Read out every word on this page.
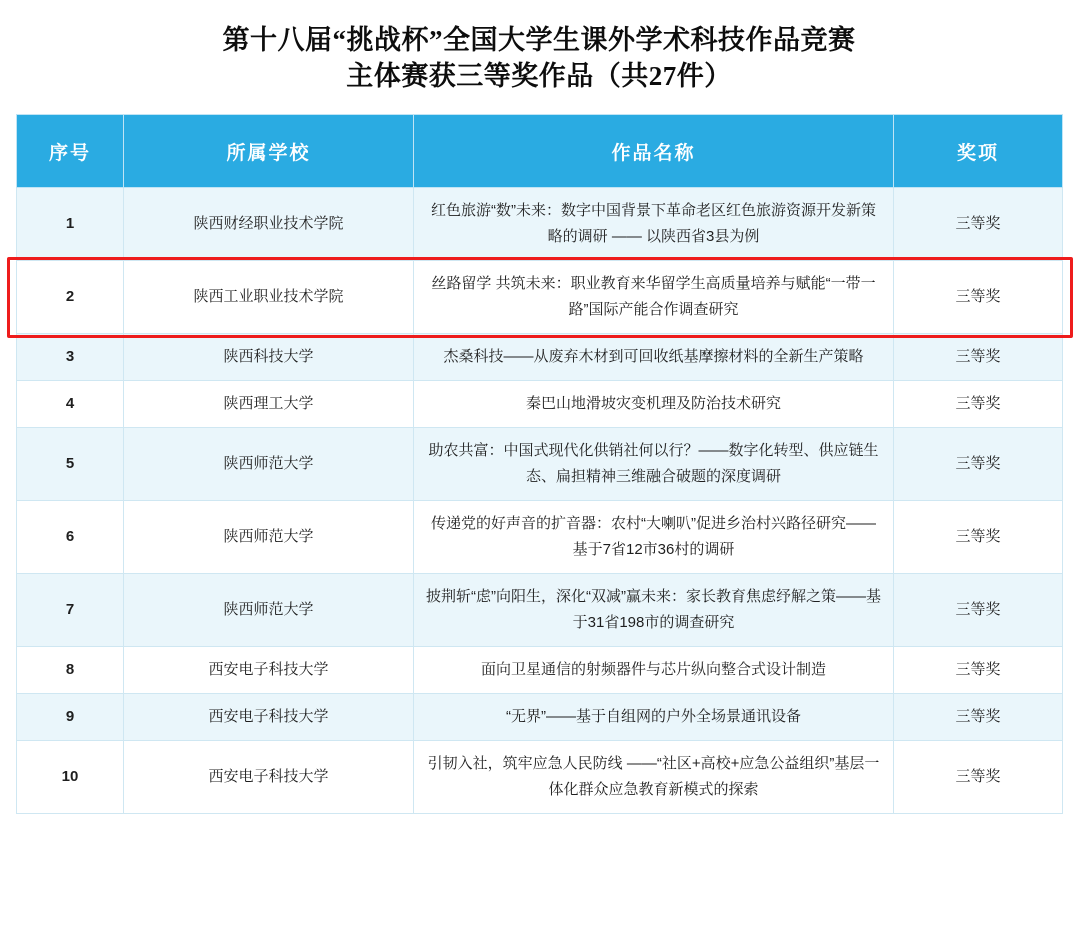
第十八届“挑战杯”全国大学生课外学术科技作品竞赛
主体赛获三等奖作品（共27件）
序号	所属学校	作品名称	奖项
1	陕西财经职业技术学院	红色旅游“数”未来：数字中国背景下革命老区红色旅游资源开发新策略的调研 —— 以陕西省3县为例	三等奖
2	陕西工业职业技术学院	丝路留学 共筑未来：职业教育来华留学生高质量培养与赋能“一带一路”国际产能合作调查研究	三等奖
3	陕西科技大学	杰桑科技——从废弃木材到可回收纸基摩擦材料的全新生产策略	三等奖
4	陕西理工大学	秦巴山地滑坡灾变机理及防治技术研究	三等奖
5	陕西师范大学	助农共富：中国式现代化供销社何以行？——数字化转型、供应链生态、扁担精神三维融合破题的深度调研	三等奖
6	陕西师范大学	传递党的好声音的扩音器：农村“大喇叭”促进乡治村兴路径研究——基于7省12市36村的调研	三等奖
7	陕西师范大学	披荆斩“虑”向阳生，深化“双减”赢未来：家长教育焦虑纾解之策——基于31省198市的调查研究	三等奖
8	西安电子科技大学	面向卫星通信的射频器件与芯片纵向整合式设计制造	三等奖
9	西安电子科技大学	“无界”——基于自组网的户外全场景通讯设备	三等奖
10	西安电子科技大学	引韧入社，筑牢应急人民防线 ——“社区+高校+应急公益组织”基层一体化群众应急教育新模式的探索	三等奖
